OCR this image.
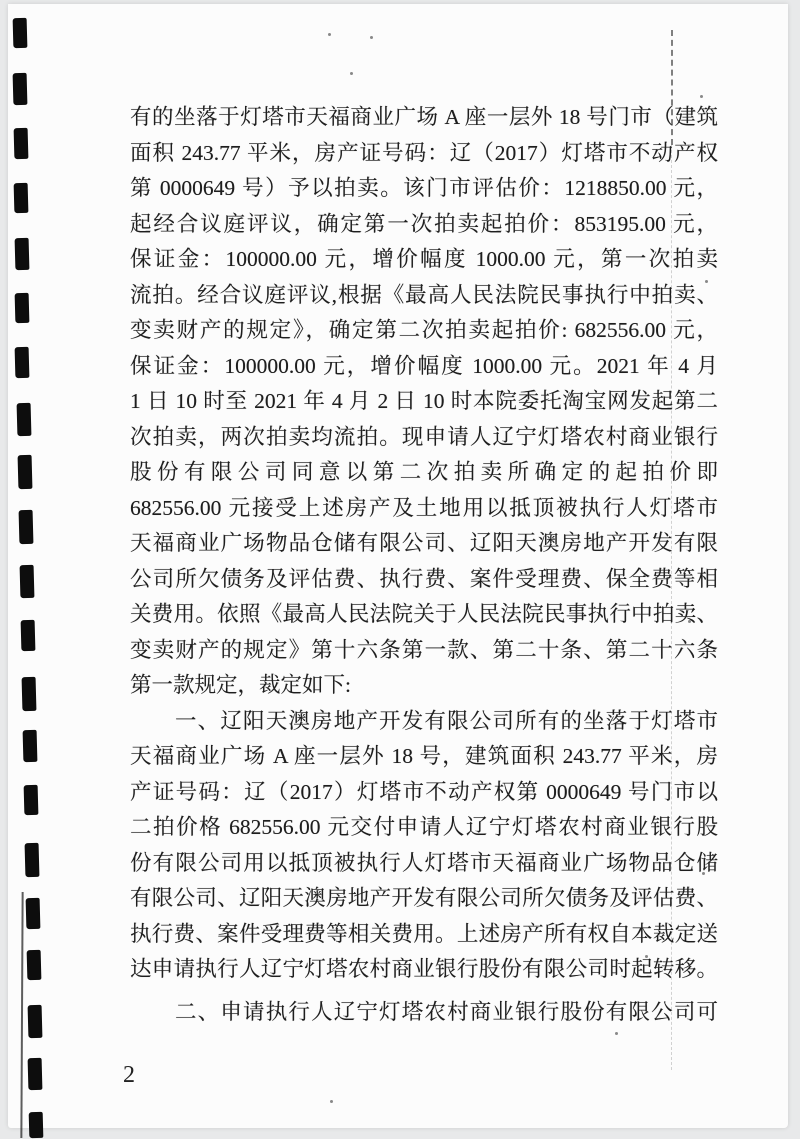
有的坐落于灯塔市天福商业广场 A 座一层外 18 号门市（建筑
面积 243.77 平米，房产证号码：辽（2017）灯塔市不动产权
第 0000649 号）予以拍卖。该门市评估价：1218850.00 元，
起经合议庭评议，确定第一次拍卖起拍价：853195.00 元，
保证金：100000.00 元，增价幅度 1000.00 元，第一次拍卖
流拍。经合议庭评议,根据《最高人民法院民事执行中拍卖、
变卖财产的规定》，确定第二次拍卖起拍价: 682556.00 元，
保证金：100000.00 元，增价幅度 1000.00 元。2021 年 4 月
1 日 10 时至 2021 年 4 月 2 日 10 时本院委托淘宝网发起第二
次拍卖，两次拍卖均流拍。现申请人辽宁灯塔农村商业银行
股份有限公司同意以第二次拍卖所确定的起拍价即
682556.00 元接受上述房产及土地用以抵顶被执行人灯塔市
天福商业广场物品仓储有限公司、辽阳天澳房地产开发有限
公司所欠债务及评估费、执行费、案件受理费、保全费等相
关费用。依照《最高人民法院关于人民法院民事执行中拍卖、
变卖财产的规定》第十六条第一款、第二十条、第二十六条
第一款规定，裁定如下:
一、辽阳天澳房地产开发有限公司所有的坐落于灯塔市
天福商业广场 A 座一层外 18 号，建筑面积 243.77 平米，房
产证号码：辽（2017）灯塔市不动产权第 0000649 号门市以
二拍价格 682556.00 元交付申请人辽宁灯塔农村商业银行股
份有限公司用以抵顶被执行人灯塔市天福商业广场物品仓储
有限公司、辽阳天澳房地产开发有限公司所欠债务及评估费、
执行费、案件受理费等相关费用。上述房产所有权自本裁定送
达申请执行人辽宁灯塔农村商业银行股份有限公司时起转移。
二、申请执行人辽宁灯塔农村商业银行股份有限公司可
2
